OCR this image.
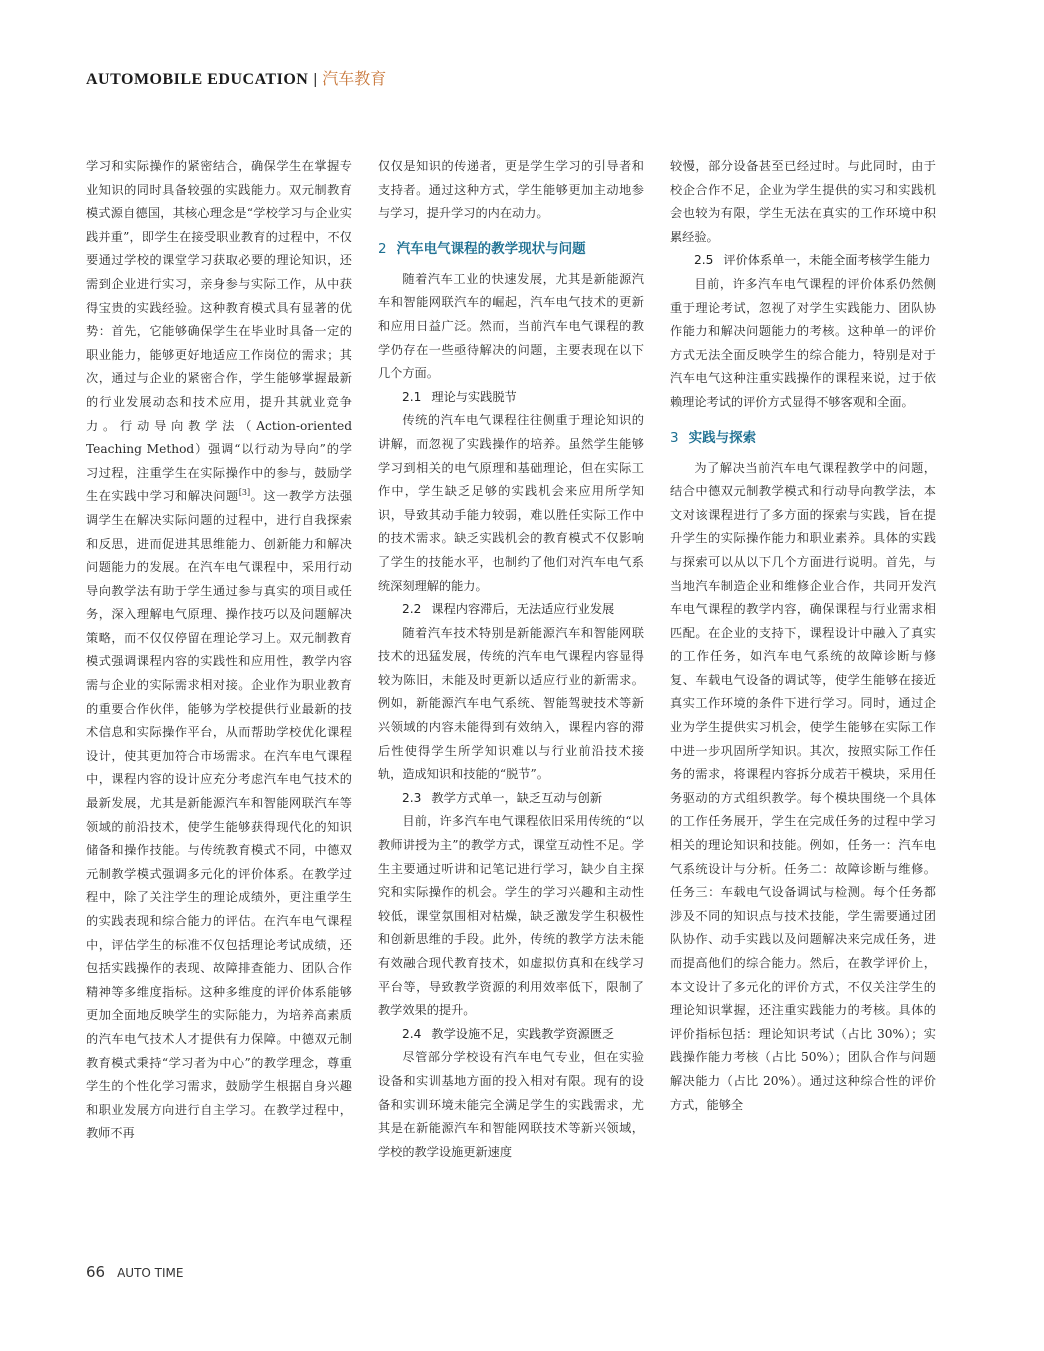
AUTOMOBILE EDUCATION | 汽车教育

学习和实际操作的紧密结合，确保学生在掌握专业知识的同时具备较强的实践能力。双元制教育模式源自德国，其核心理念是“学校学习与企业实践并重”，即学生在接受职业教育的过程中，不仅要通过学校的课堂学习获取必要的理论知识，还需到企业进行实习，亲身参与实际工作，从中获得宝贵的实践经验。这种教育模式具有显著的优势：首先，它能够确保学生在毕业时具备一定的职业能力，能够更好地适应工作岗位的需求；其次，通过与企业的紧密合作，学生能够掌握最新的行业发展动态和技术应用，提升其就业竞争力。行动导向教学法（Action-oriented Teaching Method）强调“以行动为导向”的学习过程，注重学生在实际操作中的参与，鼓励学生在实践中学习和解决问题[3]。这一教学方法强调学生在解决实际问题的过程中，进行自我探索和反思，进而促进其思维能力、创新能力和解决问题能力的发展。在汽车电气课程中，采用行动导向教学法有助于学生通过参与真实的项目或任务，深入理解电气原理、操作技巧以及问题解决策略，而不仅仅停留在理论学习上。双元制教育模式强调课程内容的实践性和应用性，教学内容需与企业的实际需求相对接。企业作为职业教育的重要合作伙伴，能够为学校提供行业最新的技术信息和实际操作平台，从而帮助学校优化课程设计，使其更加符合市场需求。在汽车电气课程中，课程内容的设计应充分考虑汽车电气技术的最新发展，尤其是新能源汽车和智能网联汽车等领域的前沿技术，使学生能够获得现代化的知识储备和操作技能。与传统教育模式不同，中德双元制教学模式强调多元化的评价体系。在教学过程中，除了关注学生的理论成绩外，更注重学生的实践表现和综合能力的评估。在汽车电气课程中，评估学生的标准不仅包括理论考试成绩，还包括实践操作的表现、故障排查能力、团队合作精神等多维度指标。这种多维度的评价体系能够更加全面地反映学生的实际能力，为培养高素质的汽车电气技术人才提供有力保障。中德双元制教育模式秉持“学习者为中心”的教学理念，尊重学生的个性化学习需求，鼓励学生根据自身兴趣和职业发展方向进行自主学习。在教学过程中，教师不再

仅仅是知识的传递者，更是学生学习的引导者和支持者。通过这种方式，学生能够更加主动地参与学习，提升学习的内在动力。

2 汽车电气课程的教学现状与问题

随着汽车工业的快速发展，尤其是新能源汽车和智能网联汽车的崛起，汽车电气技术的更新和应用日益广泛。然而，当前汽车电气课程的教学仍存在一些亟待解决的问题，主要表现在以下几个方面。

2.1 理论与实践脱节

传统的汽车电气课程往往侧重于理论知识的讲解，而忽视了实践操作的培养。虽然学生能够学习到相关的电气原理和基础理论，但在实际工作中，学生缺乏足够的实践机会来应用所学知识，导致其动手能力较弱，难以胜任实际工作中的技术需求。缺乏实践机会的教育模式不仅影响了学生的技能水平，也制约了他们对汽车电气系统深刻理解的能力。

2.2 课程内容滞后，无法适应行业发展

随着汽车技术特别是新能源汽车和智能网联技术的迅猛发展，传统的汽车电气课程内容显得较为陈旧，未能及时更新以适应行业的新需求。例如，新能源汽车电气系统、智能驾驶技术等新兴领域的内容未能得到有效纳入，课程内容的滞后性使得学生所学知识难以与行业前沿技术接轨，造成知识和技能的“脱节”。

2.3 教学方式单一，缺乏互动与创新

目前，许多汽车电气课程依旧采用传统的“以教师讲授为主”的教学方式，课堂互动性不足。学生主要通过听讲和记笔记进行学习，缺少自主探究和实际操作的机会。学生的学习兴趣和主动性较低，课堂氛围相对枯燥，缺乏激发学生积极性和创新思维的手段。此外，传统的教学方法未能有效融合现代教育技术，如虚拟仿真和在线学习平台等，导致教学资源的利用效率低下，限制了教学效果的提升。

2.4 教学设施不足，实践教学资源匮乏

尽管部分学校设有汽车电气专业，但在实验设备和实训基地方面的投入相对有限。现有的设备和实训环境未能完全满足学生的实践需求，尤其是在新能源汽车和智能网联技术等新兴领域，学校的教学设施更新速度

较慢，部分设备甚至已经过时。与此同时，由于校企合作不足，企业为学生提供的实习和实践机会也较为有限，学生无法在真实的工作环境中积累经验。

2.5 评价体系单一，未能全面考核学生能力

目前，许多汽车电气课程的评价体系仍然侧重于理论考试，忽视了对学生实践能力、团队协作能力和解决问题能力的考核。这种单一的评价方式无法全面反映学生的综合能力，特别是对于汽车电气这种注重实践操作的课程来说，过于依赖理论考试的评价方式显得不够客观和全面。

3 实践与探索

为了解决当前汽车电气课程教学中的问题，结合中德双元制教学模式和行动导向教学法，本文对该课程进行了多方面的探索与实践，旨在提升学生的实际操作能力和职业素养。具体的实践与探索可以从以下几个方面进行说明。首先，与当地汽车制造企业和维修企业合作，共同开发汽车电气课程的教学内容，确保课程与行业需求相匹配。在企业的支持下，课程设计中融入了真实的工作任务，如汽车电气系统的故障诊断与修复、车载电气设备的调试等，使学生能够在接近真实工作环境的条件下进行学习。同时，通过企业为学生提供实习机会，使学生能够在实际工作中进一步巩固所学知识。其次，按照实际工作任务的需求，将课程内容拆分成若干模块，采用任务驱动的方式组织教学。每个模块围绕一个具体的工作任务展开，学生在完成任务的过程中学习相关的理论知识和技能。例如，任务一：汽车电气系统设计与分析。任务二：故障诊断与维修。任务三：车载电气设备调试与检测。每个任务都涉及不同的知识点与技术技能，学生需要通过团队协作、动手实践以及问题解决来完成任务，进而提高他们的综合能力。然后，在教学评价上，本文设计了多元化的评价方式，不仅关注学生的理论知识掌握，还注重实践能力的考核。具体的评价指标包括：理论知识考试（占比 30%）；实践操作能力考核（占比 50%）；团队合作与问题解决能力（占比 20%）。通过这种综合性的评价方式，能够全

66 AUTO TIME
